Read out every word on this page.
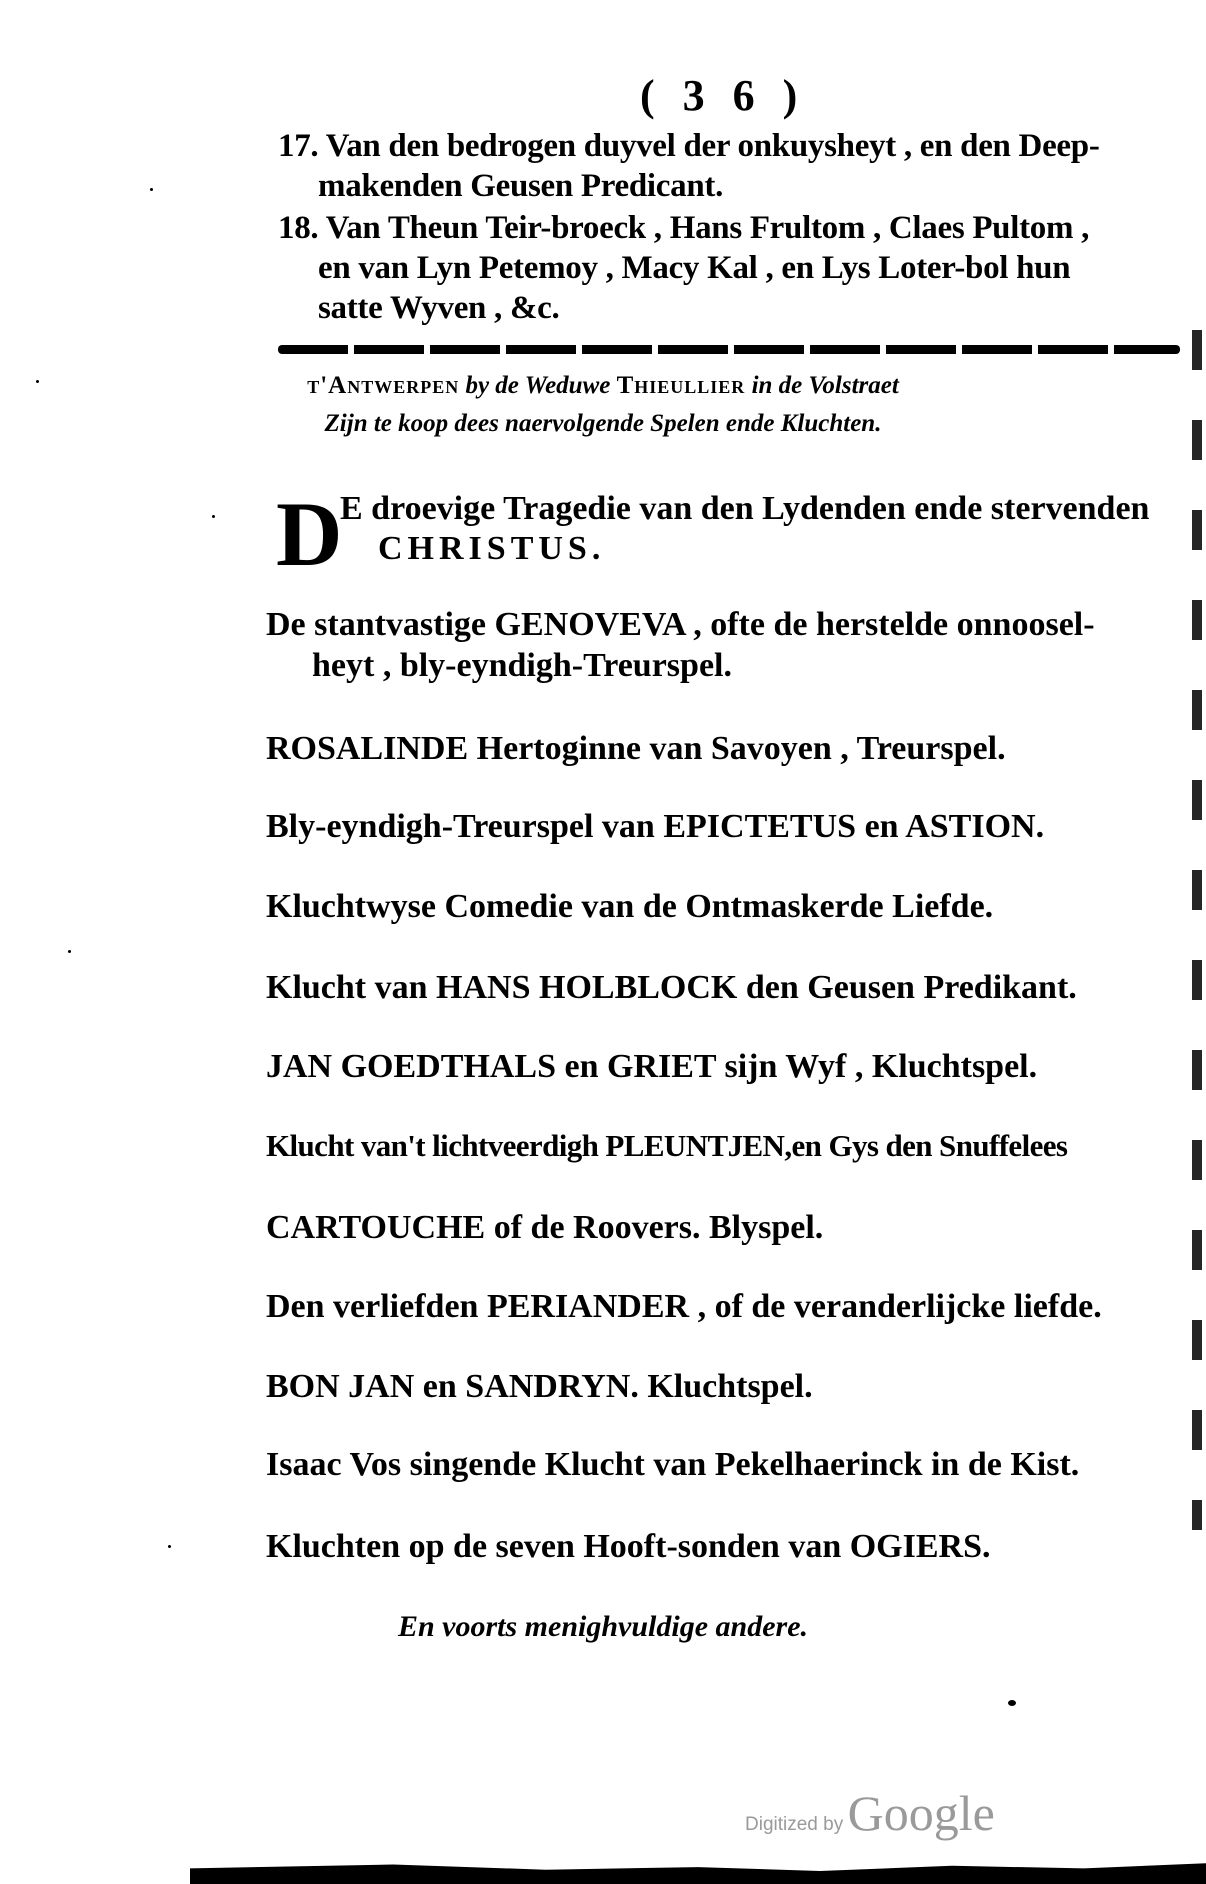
(36)
17. Van den bedrogen duyvel der onkuysheyt , en den Deep-
makenden Geusen Predicant.
18. Van Theun Teir-broeck , Hans Frultom , Claes Pultom ,
en van Lyn Petemoy , Macy Kal , en Lys Loter-bol hun
satte Wyven , &c.
t'Antwerpen by de Weduwe Thieullier in de Volstraet
Zijn te koop dees naervolgende Spelen ende Kluchten.
D
E droevige Tragedie van den Lydenden ende stervenden
CHRISTUS.
De stantvastige GENOVEVA , ofte de herstelde onnoosel-
heyt , bly-eyndigh-Treurspel.
ROSALINDE Hertoginne van Savoyen , Treurspel.
Bly-eyndigh-Treurspel van EPICTETUS en ASTION.
Kluchtwyse Comedie van de Ontmaskerde Liefde.
Klucht van HANS HOLBLOCK den Geusen Predikant.
JAN GOEDTHALS en GRIET sijn Wyf , Kluchtspel.
Klucht van't lichtveerdigh PLEUNTJEN,en Gys den Snuffelees
CARTOUCHE of de Roovers. Blyspel.
Den verliefden PERIANDER , of de veranderlijcke liefde.
BON JAN en SANDRYN. Kluchtspel.
Isaac Vos singende Klucht van Pekelhaerinck in de Kist.
Kluchten op de seven Hooft-sonden van OGIERS.
En voorts menighvuldige andere.
Digitized by Google
